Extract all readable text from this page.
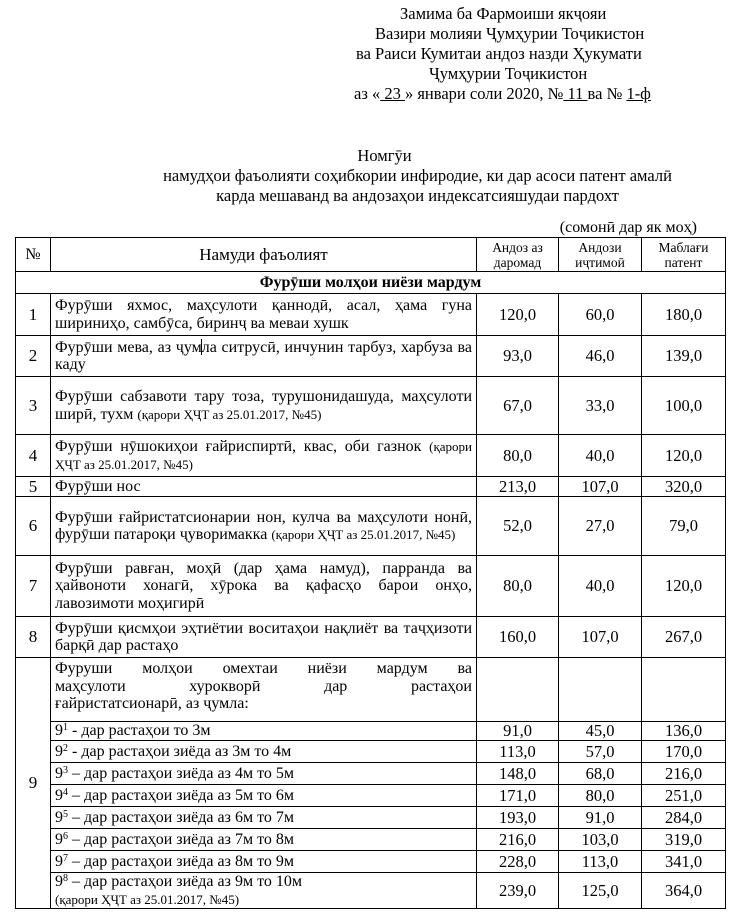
Замима ба Фармоиши якҷояи
Вазири молияи Ҷумҳурии Тоҷикистон
ва Раиси Кумитаи андоз назди Ҳукумати
Ҷумҳурии Тоҷикистон
аз « 23 » январи соли 2020, № 11 ва № 1-ф
Номгӯи
намудҳои фаъолияти соҳибкории инфиродие, ки дар асоси патент амалӣ
карда мешаванд ва андозаҳои индексатсияшудаи пардохт
(сомонӣ дар як моҳ)
№	Намуди фаъолият	Андоз аз даромад	Андози иҷтимоӣ	Маблағи патент
Фурӯши молҳои ниёзи мардум				
1	Фурӯши яхмос, маҳсулоти қаннодӣ, асал, ҳама гуна шириниҳо, самбӯса, биринҷ ва меваи хушк	120,0	60,0	180,0
2	Фурӯши мева, аз ҷумла ситрусӣ, инчунин тарбуз, харбуза ва каду	93,0	46,0	139,0
3	Фурӯши сабзавоти тару тоза, турушонидашуда, маҳсулоти ширӣ, тухм (қарори ҲҶТ аз 25.01.2017, №45)	67,0	33,0	100,0
4	Фурӯши нӯшокиҳои ғайриспиртӣ, квас, оби газнок (қарори ҲҶТ аз 25.01.2017, №45)	80,0	40,0	120,0
5	Фурӯши нос	213,0	107,0	320,0
6	Фурӯши ғайристатсионарии нон, кулча ва маҳсулоти нонӣ, фурӯши патароқи ҷуворимакка (қарори ҲҶТ аз 25.01.2017, №45)	52,0	27,0	79,0
7	Фурӯши равған, моҳӣ (дар ҳама намуд), парранда ва ҳайвоноти хонагӣ, хӯрока ва қафасҳо барои онҳо, лавозимоти моҳигирӣ	80,0	40,0	120,0
8	Фурӯши қисмҳои эҳтиётии воситаҳои нақлиёт ва таҷҳизоти барқӣ дар растаҳо	160,0	107,0	267,0
9	Фуруши молҳои омехтаи ниёзи мардум ва
маҳсулоти хурокворӣ дар растаҳои
ғайристатсионарӣ, аз ҷумла:			

	$9^1$ - дар растаҳои то 3м	91,0	45,0	136,0
	$9^2$ - дар растаҳои зиёда аз 3м то 4м	113,0	57,0	170,0
	$9^3$ – дар растаҳои зиёда аз 4м то 5м	148,0	68,0	216,0
	$9^4$ – дар растаҳои зиёда аз 5м то 6м	171,0	80,0	251,0
	$9^5$ – дар растаҳои зиёда аз 6м то 7м	193,0	91,0	284,0
	$9^6$ – дар растаҳои зиёда аз 7м то 8м	216,0	103,0	319,0
	$9^7$ – дар растаҳои зиёда аз 8м то 9м	228,0	113,0	341,0
	$9^8$ – дар растаҳои зиёда аз 9м то 10м
(қарори ҲҶТ аз 25.01.2017, №45)	239,0	125,0	364,0
